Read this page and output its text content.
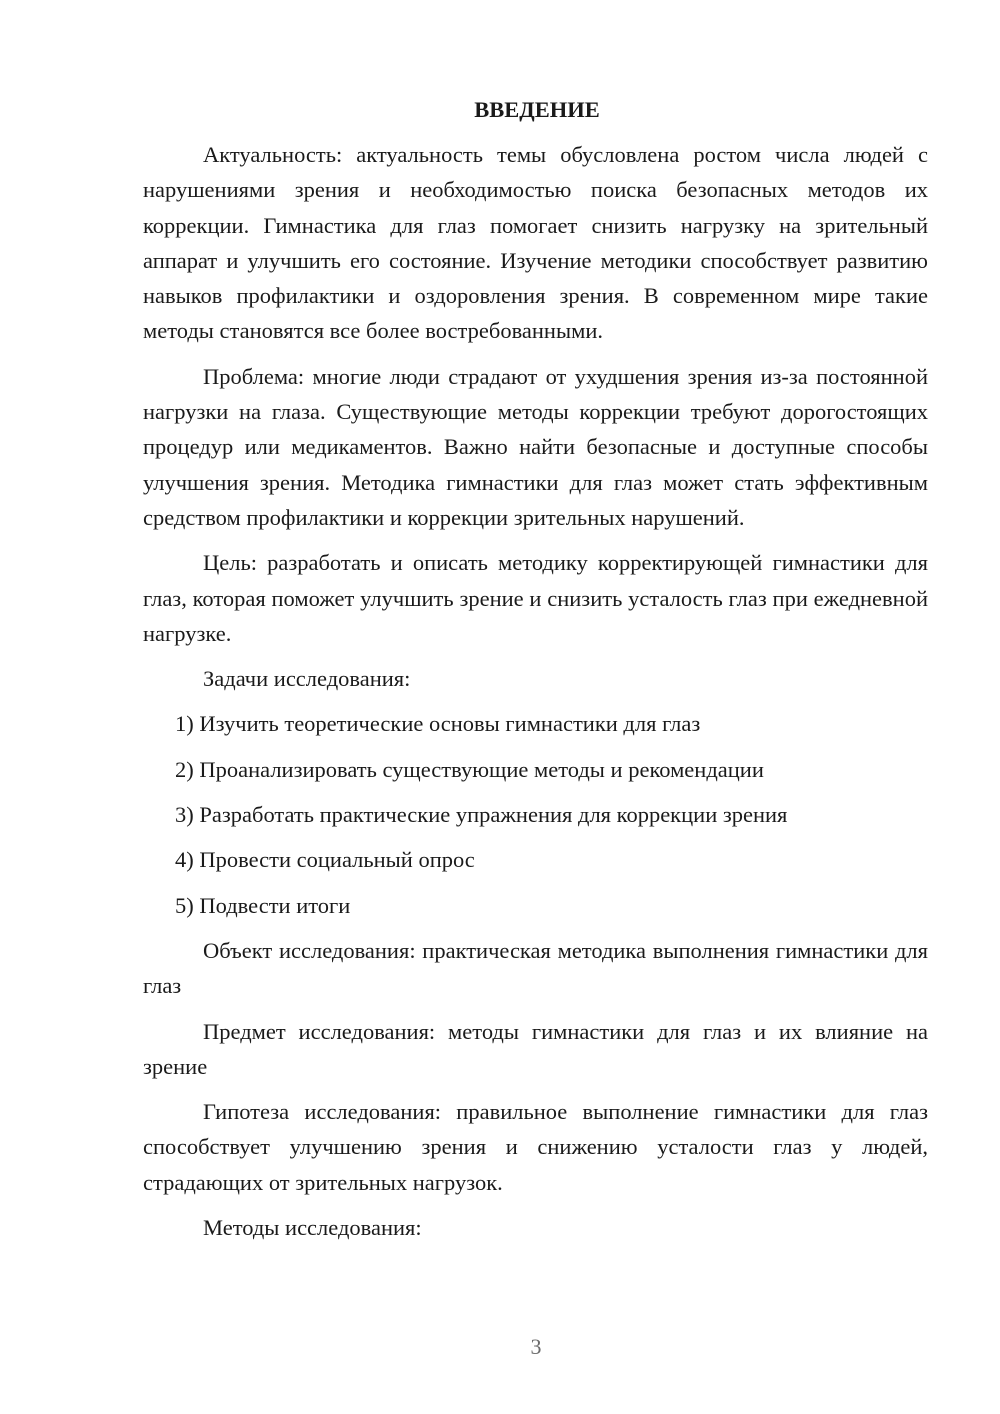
ВВЕДЕНИЕ

Актуальность: актуальность темы обусловлена ростом числа людей с нарушениями зрения и необходимостью поиска безопасных методов их коррекции. Гимнастика для глаз помогает снизить нагрузку на зрительный аппарат и улучшить его состояние. Изучение методики способствует развитию навыков профилактики и оздоровления зрения. В современном мире такие методы становятся все более востребованными.

Проблема: многие люди страдают от ухудшения зрения из-за постоянной нагрузки на глаза. Существующие методы коррекции требуют дорогостоящих процедур или медикаментов. Важно найти безопасные и доступные способы улучшения зрения. Методика гимнастики для глаз может стать эффективным средством профилактики и коррекции зрительных нарушений.

Цель: разработать и описать методику корректирующей гимнастики для глаз, которая поможет улучшить зрение и снизить усталость глаз при ежедневной нагрузке.

Задачи исследования:

1) Изучить теоретические основы гимнастики для глаз

2) Проанализировать существующие методы и рекомендации

3) Разработать практические упражнения для коррекции зрения

4) Провести социальный опрос

5) Подвести итоги

Объект исследования: практическая методика выполнения гимнастики для глаз

Предмет исследования: методы гимнастики для глаз и их влияние на зрение

Гипотеза исследования: правильное выполнение гимнастики для глаз способствует улучшению зрения и снижению усталости глаз у людей, страдающих от зрительных нагрузок.

Методы исследования:

3
